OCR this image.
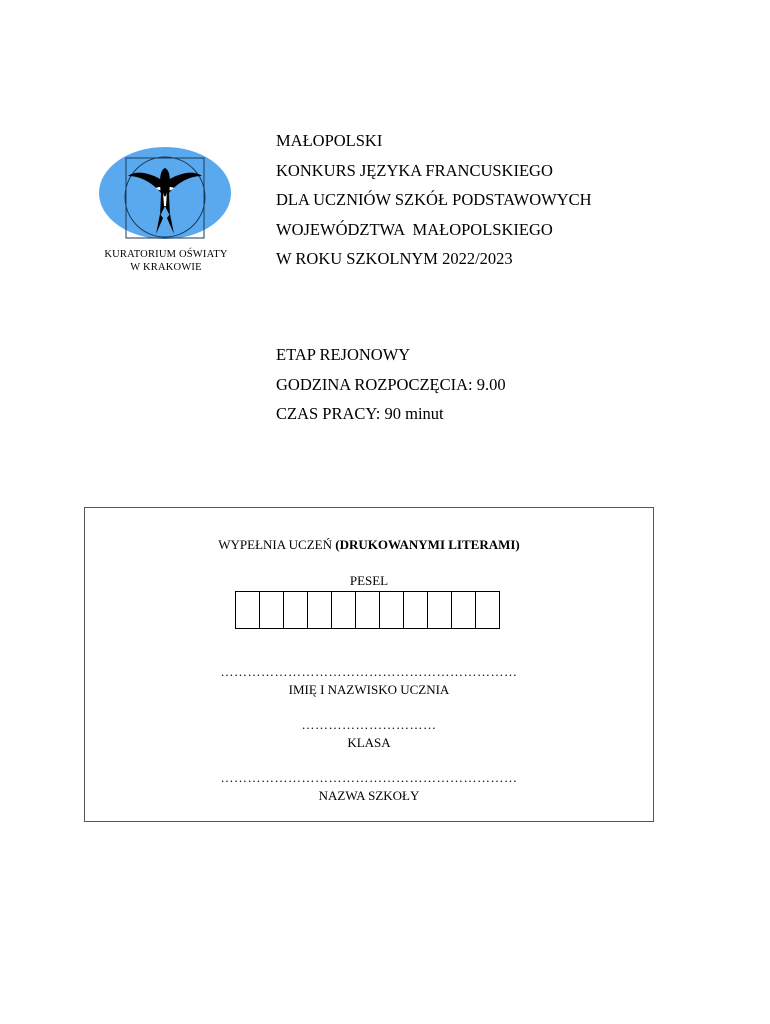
KURATORIUM OŚWIATY
W KRAKOWIE
MAŁOPOLSKI
KONKURS JĘZYKA FRANCUSKIEGO
DLA UCZNIÓW SZKÓŁ PODSTAWOWYCH
WOJEWÓDZTWA  MAŁOPOLSKIEGO
W ROKU SZKOLNYM 2022/2023
ETAP REJONOWY
GODZINA ROZPOCZĘCIA: 9.00
CZAS PRACY: 90 minut
WYPEŁNIA UCZEŃ (DRUKOWANYMI LITERAMI)
PESEL
…………………………………………………………
IMIĘ I NAZWISKO UCZNIA
…………………………
KLASA
…………………………………………………………
NAZWA SZKOŁY
